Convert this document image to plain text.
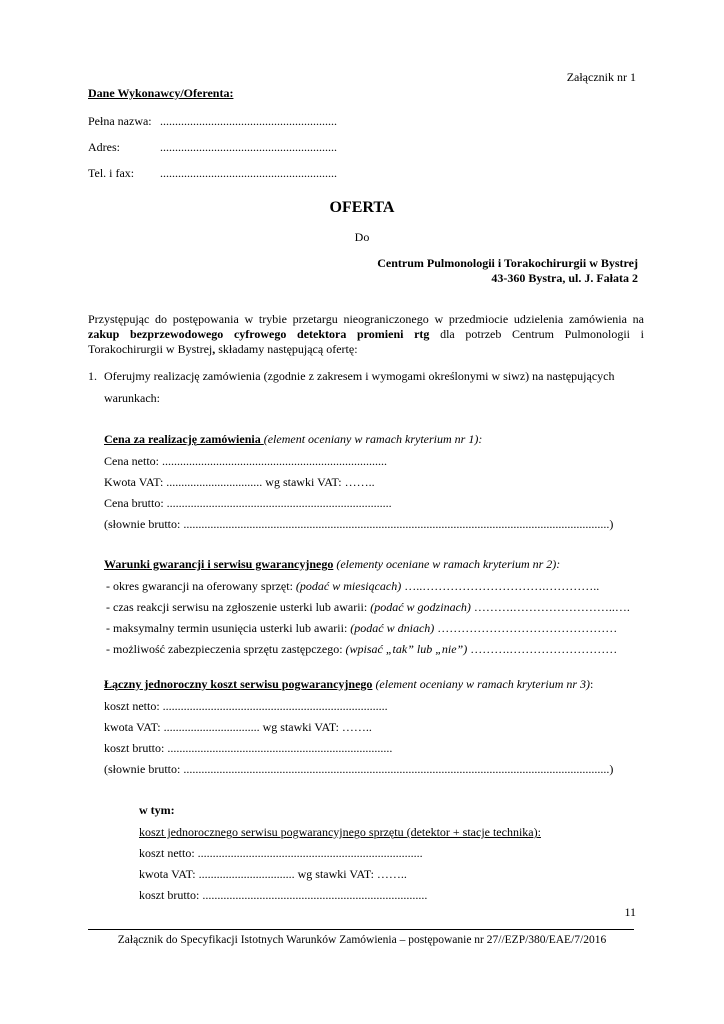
Załącznik nr 1
Dane Wykonawcy/Oferenta:
Pełna nazwa: ...........................................................
Adres:	...........................................................
Tel. i fax: ...........................................................
OFERTA
Do
Centrum Pulmonologii i Torakochirurgii w Bystrej
43-360 Bystra, ul. J. Fałata 2
Przystępując do postępowania w trybie przetargu nieograniczonego w przedmiocie udzielenia zamówienia na zakup bezprzewodowego cyfrowego detektora promieni rtg dla potrzeb Centrum Pulmonologii i Torakochirurgii w Bystrej, składamy następującą ofertę:
1. Oferujmy realizację zamówienia (zgodnie z zakresem i wymogami określonymi w siwz) na następujących
warunkach:
Cena za realizację zamówienia (element oceniany w ramach kryterium nr 1):
Cena netto: ...........................................................................
Kwota VAT: ................................ wg stawki VAT: ……..
Cena brutto: ...........................................................................
(słownie brutto: ..............................................................................................................................................)
Warunki gwarancji i serwisu gwarancyjnego (elementy oceniane w ramach kryterium nr 2):
- okres gwarancji na oferowany sprzęt: (podać w miesiącach) …..………………………….…………..
- czas reakcji serwisu na zgłoszenie usterki lub awarii: (podać w godzinach) ……….……………………..….
- maksymalny termin usunięcia usterki lub awarii: (podać w dniach) ………………………………………
- możliwość zabezpieczenia sprzętu zastępczego: (wpisać „tak” lub „nie”) ……….………………………
Łączny jednoroczny koszt serwisu pogwarancyjnego (element oceniany w ramach kryterium nr 3):
koszt netto: ...........................................................................
kwota VAT: ................................ wg stawki VAT: ……..
koszt brutto: ...........................................................................
(słownie brutto: ..............................................................................................................................................)
w tym:
koszt jednorocznego serwisu pogwarancyjnego sprzętu (detektor + stacje technika):
koszt netto: ...........................................................................
kwota VAT: ................................ wg stawki VAT: ……..
koszt brutto: ...........................................................................
11
Załącznik do Specyfikacji Istotnych Warunków Zamówienia – postępowanie nr 27//EZP/380/EAE/7/2016
